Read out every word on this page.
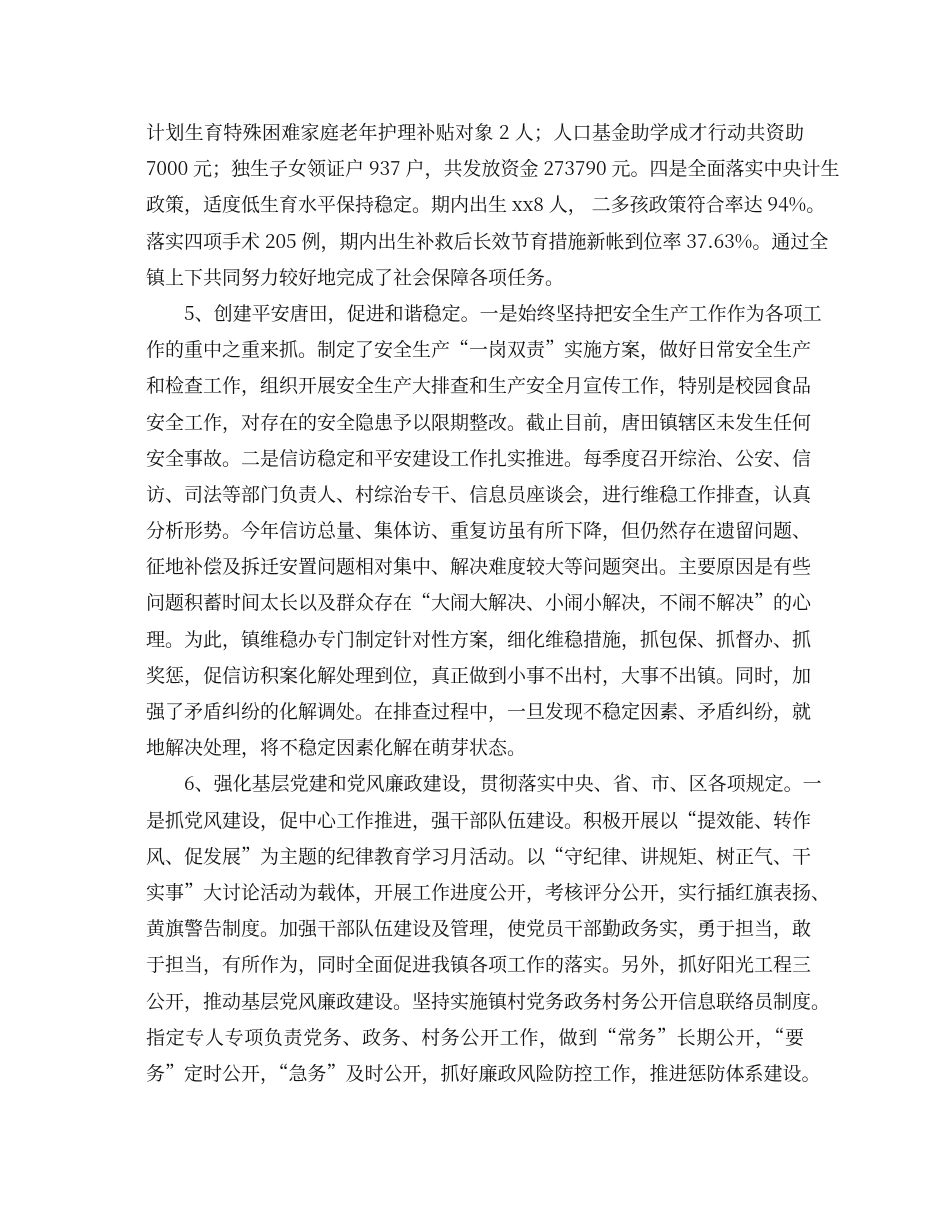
计划生育特殊困难家庭老年护理补贴对象 2 人；人口基金助学成才行动共资助
7000 元；独生子女领证户 937 户，共发放资金 273790 元。四是全面落实中央计生
政策，适度低生育水平保持稳定。期内出生 xx8 人， 二多孩政策符合率达 94%。
落实四项手术 205 例，期内出生补救后长效节育措施新帐到位率 37.63%。通过全
镇上下共同努力较好地完成了社会保障各项任务。
5、创建平安唐田，促进和谐稳定。一是始终坚持把安全生产工作作为各项工
作的重中之重来抓。制定了安全生产“一岗双责”实施方案，做好日常安全生产
和检查工作，组织开展安全生产大排查和生产安全月宣传工作，特别是校园食品
安全工作，对存在的安全隐患予以限期整改。截止目前，唐田镇辖区未发生任何
安全事故。二是信访稳定和平安建设工作扎实推进。每季度召开综治、公安、信
访、司法等部门负责人、村综治专干、信息员座谈会，进行维稳工作排查，认真
分析形势。今年信访总量、集体访、重复访虽有所下降，但仍然存在遗留问题、
征地补偿及拆迁安置问题相对集中、解决难度较大等问题突出。主要原因是有些
问题积蓄时间太长以及群众存在“大闹大解决、小闹小解决，不闹不解决”的心
理。为此，镇维稳办专门制定针对性方案，细化维稳措施，抓包保、抓督办、抓
奖惩，促信访积案化解处理到位，真正做到小事不出村，大事不出镇。同时，加
强了矛盾纠纷的化解调处。在排查过程中，一旦发现不稳定因素、矛盾纠纷，就
地解决处理，将不稳定因素化解在萌芽状态。
6、强化基层党建和党风廉政建设，贯彻落实中央、省、市、区各项规定。一
是抓党风建设，促中心工作推进，强干部队伍建设。积极开展以“提效能、转作
风、促发展”为主题的纪律教育学习月活动。以“守纪律、讲规矩、树正气、干
实事”大讨论活动为载体，开展工作进度公开，考核评分公开，实行插红旗表扬、
黄旗警告制度。加强干部队伍建设及管理，使党员干部勤政务实，勇于担当，敢
于担当，有所作为，同时全面促进我镇各项工作的落实。另外，抓好阳光工程三
公开，推动基层党风廉政建设。坚持实施镇村党务政务村务公开信息联络员制度。
指定专人专项负责党务、政务、村务公开工作，做到“常务”长期公开，“要
务”定时公开，“急务”及时公开，抓好廉政风险防控工作，推进惩防体系建设。
